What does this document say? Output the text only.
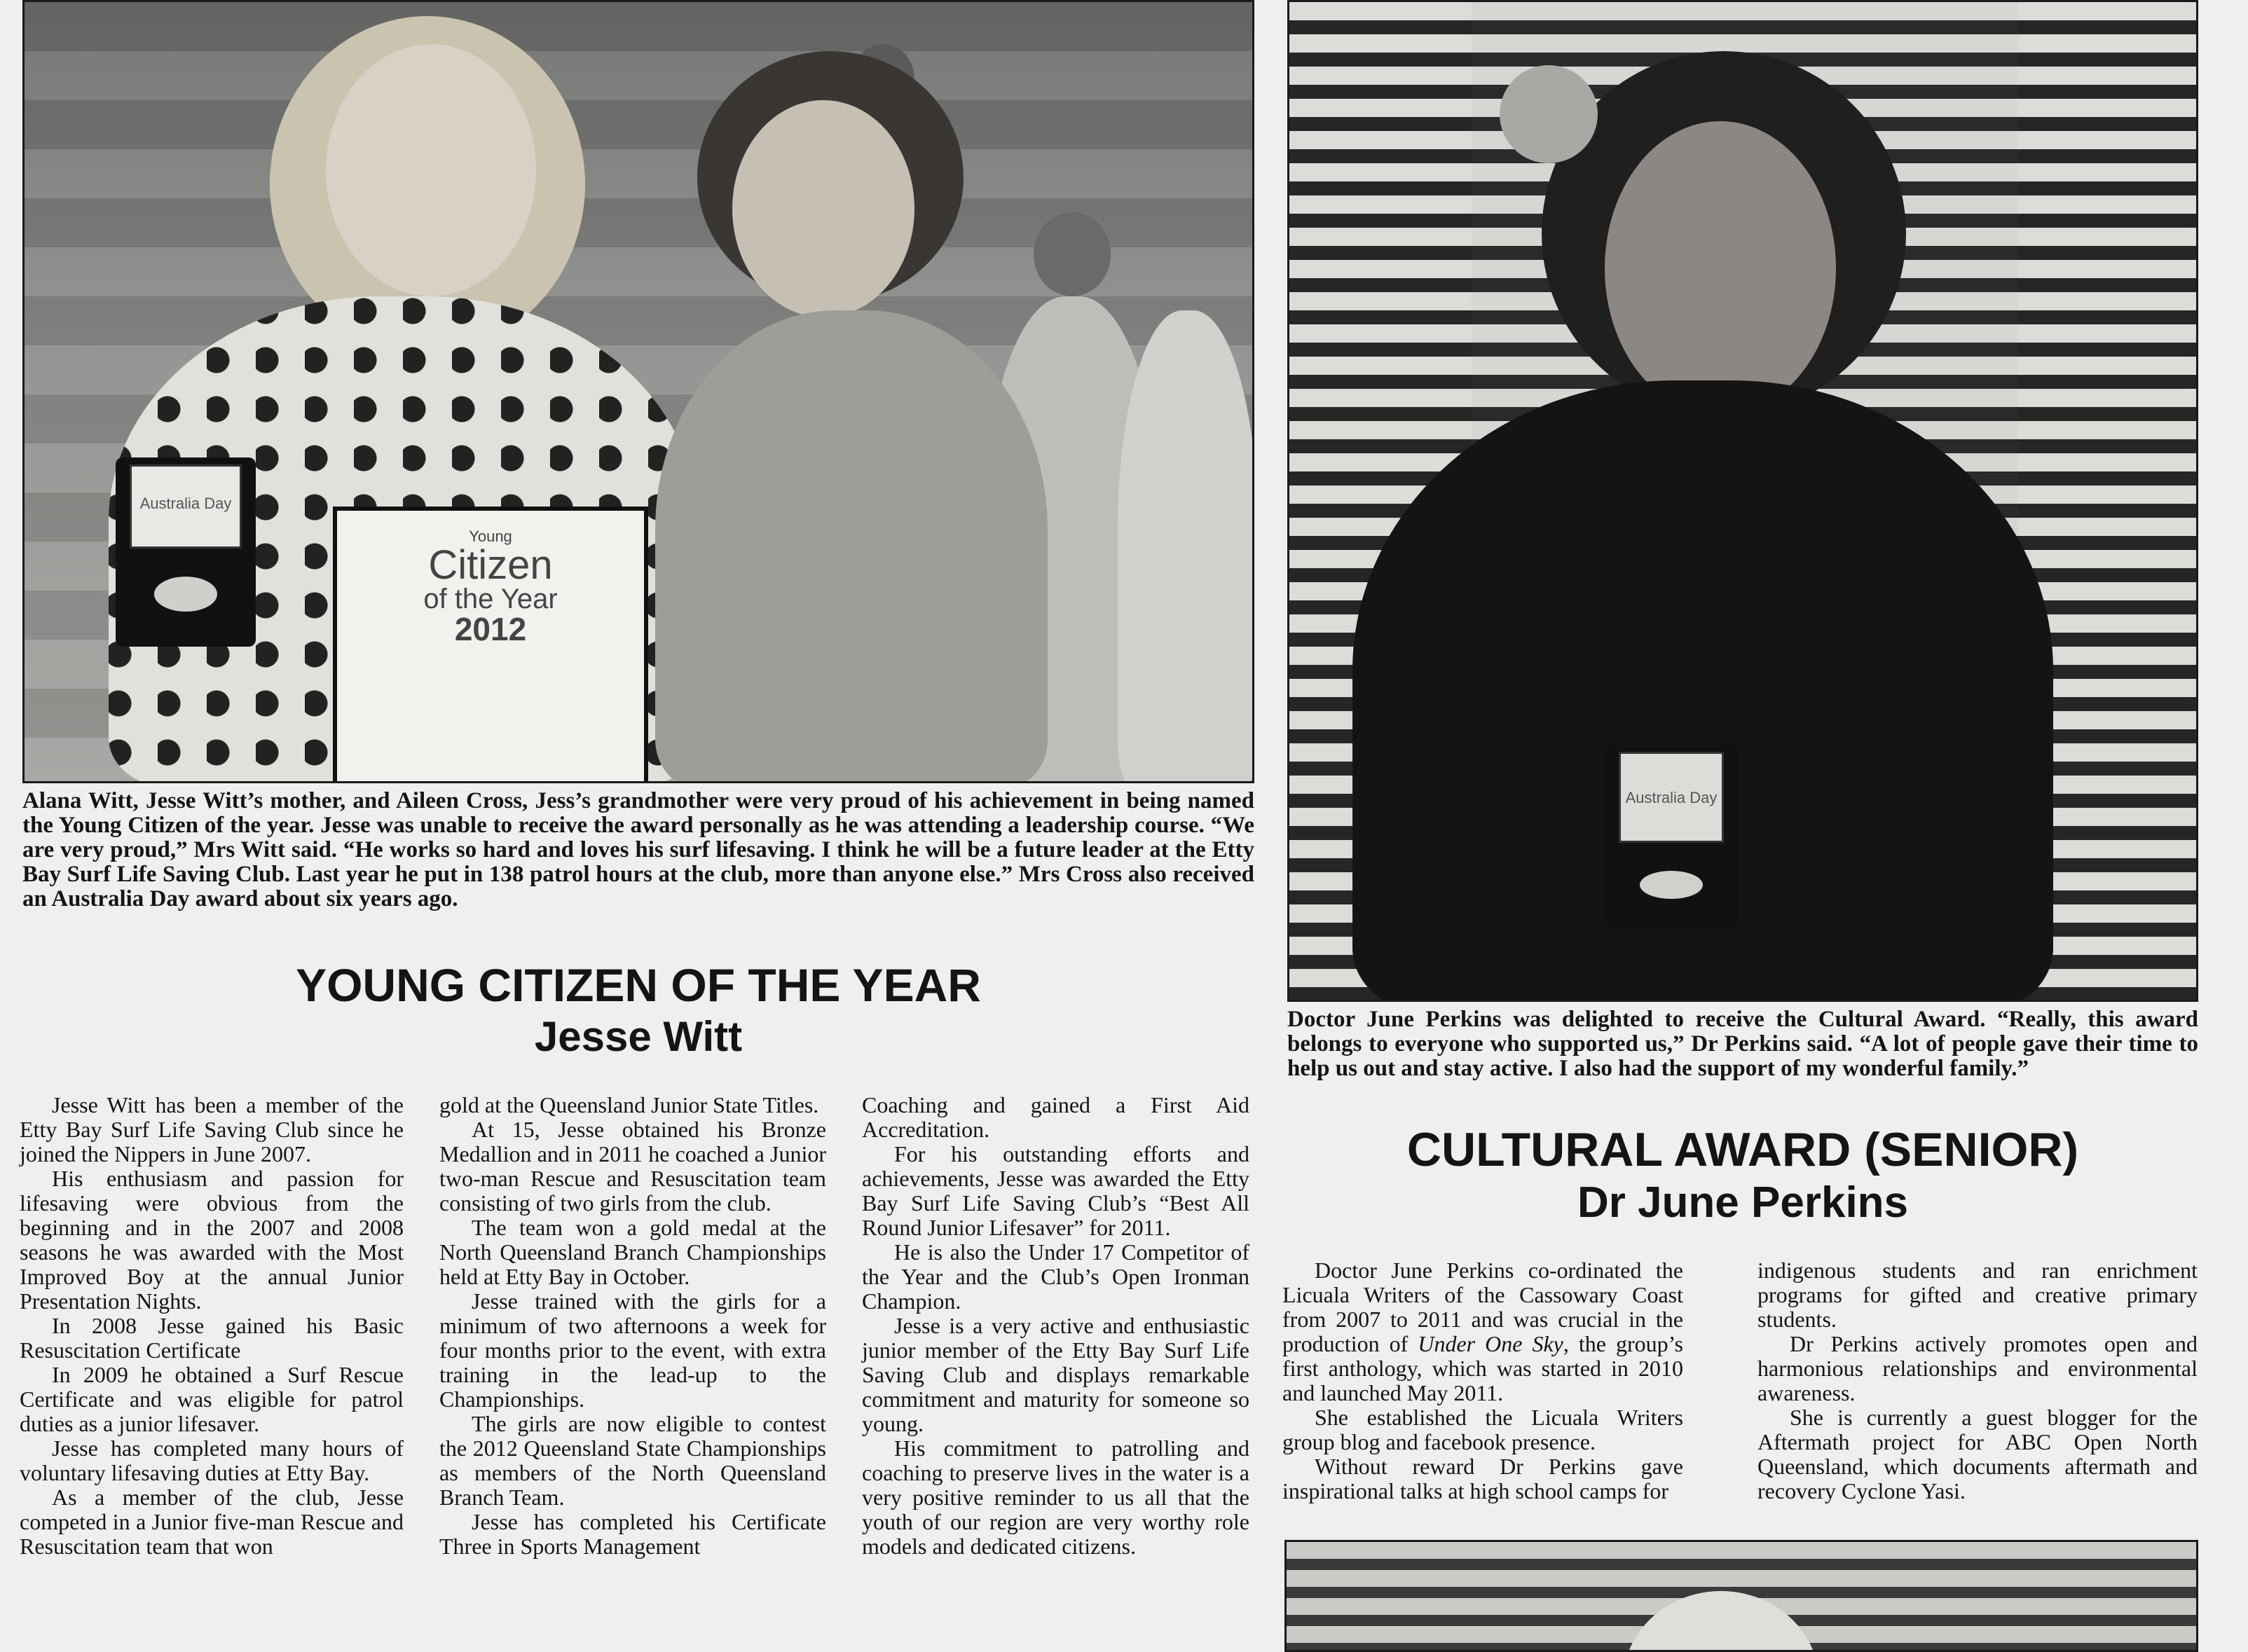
Australia Day
Young
Citizen
of the Year
2012
Australia Day

Alana Witt, Jesse Witt’s mother, and Aileen Cross, Jess’s grandmother were very proud of his achievement in being named the Young Citizen of the year. Jesse was unable to receive the award personally as he was attending a leadership course. “We are very proud,” Mrs Witt said. “He works so hard and loves his surf lifesaving. I think he will be a future leader at the Etty Bay Surf Life Saving Club. Last year he put in 138 patrol hours at the club, more than anyone else.” Mrs Cross also received an Australia Day award about six years ago.

Doctor June Perkins was delighted to receive the Cultural Award. “Really, this award belongs to everyone who supported us,” Dr Perkins said. “A lot of people gave their time to help us out and stay active. I also had the support of my wonderful family.”

YOUNG CITIZEN OF THE YEAR
Jesse Witt

Jesse Witt has been a member of the Etty Bay Surf Life Saving Club since he joined the Nippers in June 2007.

His enthusiasm and passion for lifesaving were obvious from the beginning and in the 2007 and 2008 seasons he was awarded with the Most Improved Boy at the annual Junior Presentation Nights.

In 2008 Jesse gained his Basic Resuscitation Certificate

In 2009 he obtained a Surf Rescue Certificate and was eligible for patrol duties as a junior lifesaver.

Jesse has completed many hours of voluntary lifesaving duties at Etty Bay.

As a member of the club, Jesse competed in a Junior five-man Rescue and Resuscitation team that won

gold at the Queensland Junior State Titles.

At 15, Jesse obtained his Bronze Medallion and in 2011 he coached a Junior two-man Rescue and Resuscitation team consisting of two girls from the club.

The team won a gold medal at the North Queensland Branch Championships held at Etty Bay in October.

Jesse trained with the girls for a minimum of two afternoons a week for four months prior to the event, with extra training in the lead-up to the Championships.

The girls are now eligible to contest the 2012 Queensland State Championships as members of the North Queensland Branch Team.

Jesse has completed his Certificate Three in Sports Management

Coaching and gained a First Aid Accreditation.

For his outstanding efforts and achievements, Jesse was awarded the Etty Bay Surf Life Saving Club’s “Best All Round Junior Lifesaver” for 2011.

He is also the Under 17 Competitor of the Year and the Club’s Open Ironman Champion.

Jesse is a very active and enthusiastic junior member of the Etty Bay Surf Life Saving Club and displays remarkable commitment and maturity for someone so young.

His commitment to patrolling and coaching to preserve lives in the water is a very positive reminder to us all that the youth of our region are very worthy role models and dedicated citizens.

CULTURAL AWARD (SENIOR)
Dr June Perkins

Doctor June Perkins co-ordinated the Licuala Writers of the Cassowary Coast from 2007 to 2011 and was crucial in the production of Under One Sky, the group’s first anthology, which was started in 2010 and launched May 2011.

She established the Licuala Writers group blog and facebook presence.

Without reward Dr Perkins gave inspirational talks at high school camps for

indigenous students and ran enrichment programs for gifted and creative primary students.

Dr Perkins actively promotes open and harmonious relationships and environmental awareness.

She is currently a guest blogger for the Aftermath project for ABC Open North Queensland, which documents aftermath and recovery Cyclone Yasi.
